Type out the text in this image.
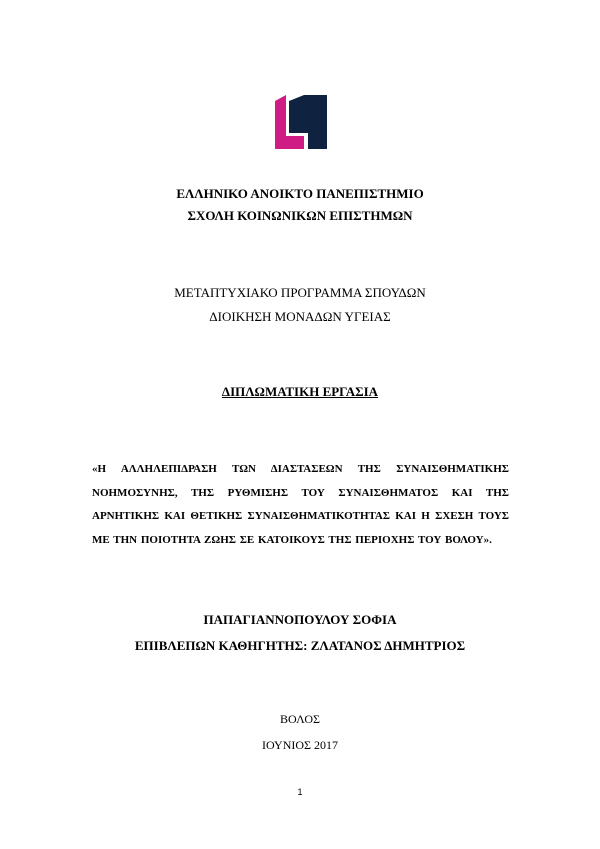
ΕΛΛΗΝΙΚΟ ΑΝΟΙΚΤΟ ΠΑΝΕΠΙΣΤΗΜΙΟ
ΣΧΟΛΗ ΚΟΙΝΩΝΙΚΩΝ ΕΠΙΣΤΗΜΩΝ
ΜΕΤΑΠΤΥΧΙΑΚΟ ΠΡΟΓΡΑΜΜΑ ΣΠΟΥΔΩΝ
ΔΙΟΙΚΗΣΗ ΜΟΝΑΔΩΝ ΥΓΕΙΑΣ
ΔΙΠΛΩΜΑΤΙΚΗ ΕΡΓΑΣΙΑ
«Η ΑΛΛΗΛΕΠΙΔΡΑΣΗ ΤΩΝ ΔΙΑΣΤΑΣΕΩΝ ΤΗΣ ΣΥΝΑΙΣΘΗΜΑΤΙΚΗΣ ΝΟΗΜΟΣΥΝΗΣ, ΤΗΣ ΡΥΘΜΙΣΗΣ ΤΟΥ ΣΥΝΑΙΣΘΗΜΑΤΟΣ ΚΑΙ ΤΗΣ ΑΡΝΗΤΙΚΗΣ ΚΑΙ ΘΕΤΙΚΗΣ ΣΥΝΑΙΣΘΗΜΑΤΙΚΟΤΗΤΑΣ ΚΑΙ Η ΣΧΕΣΗ ΤΟΥΣ ΜΕ ΤΗΝ ΠΟΙΟΤΗΤΑ ΖΩΗΣ ΣΕ ΚΑΤΟΙΚΟΥΣ ΤΗΣ ΠΕΡΙΟΧΗΣ ΤΟΥ ΒΟΛΟΥ».
ΠΑΠΑΓΙΑΝΝΟΠΟΥΛΟΥ ΣΟΦΙΑ
ΕΠΙΒΛΕΠΩΝ ΚΑΘΗΓΗΤΗΣ: ΖΛΑΤΑΝΟΣ ΔΗΜΗΤΡΙΟΣ
ΒΟΛΟΣ
ΙΟΥΝΙΟΣ 2017
1
